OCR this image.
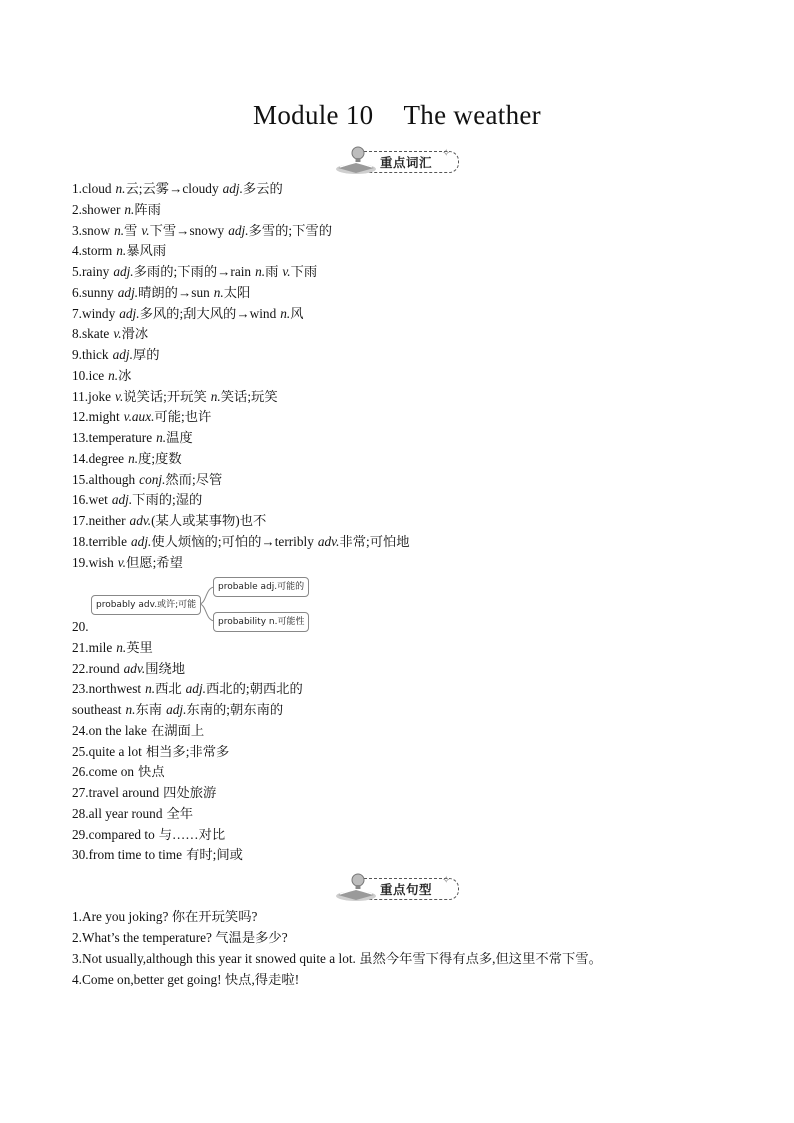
Module 10 The weather
重点词汇
✧
1.cloud n.云;云雾→cloudy adj.多云的
2.shower n.阵雨
3.snow n.雪 v.下雪→snowy adj.多雪的;下雪的
4.storm n.暴风雨
5.rainy adj.多雨的;下雨的→rain n.雨 v.下雨
6.sunny adj.晴朗的→sun n.太阳
7.windy adj.多风的;刮大风的→wind n.风
8.skate v.滑冰
9.thick adj.厚的
10.ice n.冰
11.joke v.说笑话;开玩笑 n.笑话;玩笑
12.might v.aux.可能;也许
13.temperature n.温度
14.degree n.度;度数
15.although conj.然而;尽管
16.wet adj.下雨的;湿的
17.neither adv.(某人或某事物)也不
18.terrible adj.使人烦恼的;可怕的→terribly adv.非常;可怕地
19.wish v.但愿;希望
20.
21.mile n.英里
22.round adv.围绕地
23.northwest n.西北 adj.西北的;朝西北的
southeast n.东南 adj.东南的;朝东南的
24.on the lake 在湖面上
25.quite a lot 相当多;非常多
26.come on 快点
27.travel around 四处旅游
28.all year round 全年
29.compared to 与……对比
30.from time to time 有时;间或
probably adv.或许;可能
probable adj.可能的
probability n.可能性
重点句型
✧
1.Are you joking? 你在开玩笑吗?
2.What’s the temperature? 气温是多少?
3.Not usually,although this year it snowed quite a lot. 虽然今年雪下得有点多,但这里不常下雪。
4.Come on,better get going! 快点,得走啦!
